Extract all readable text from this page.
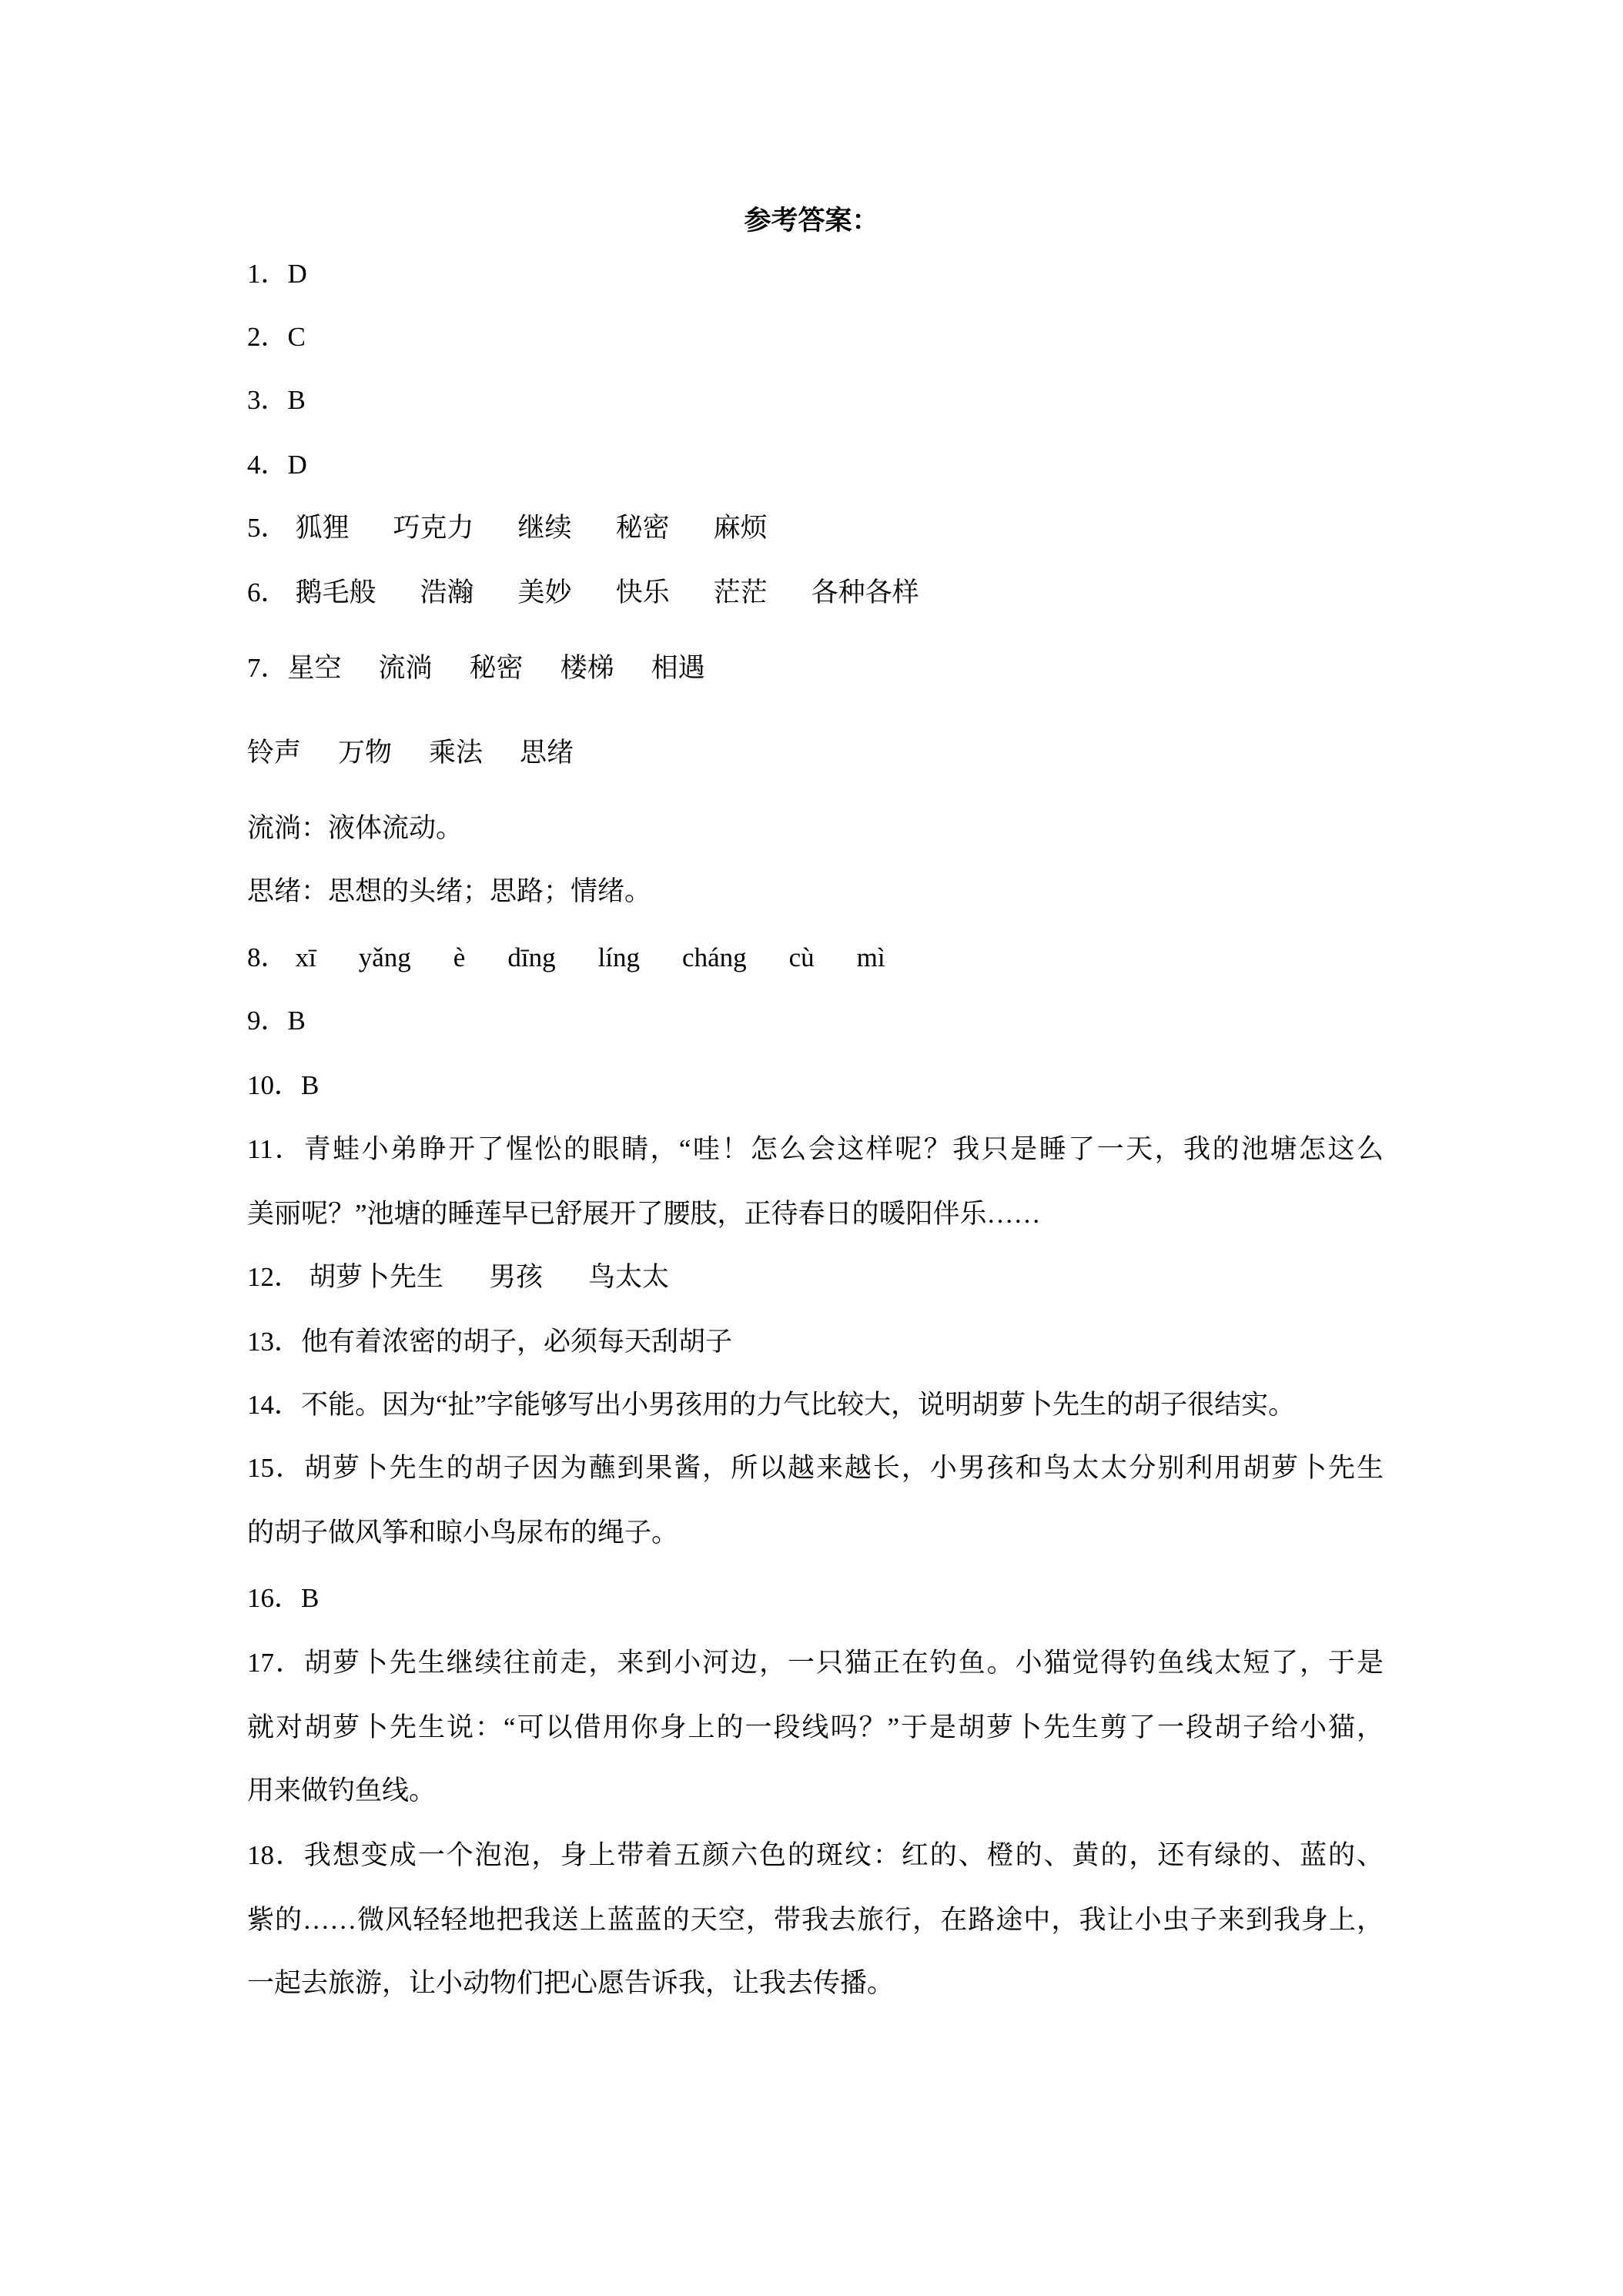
参考答案：
1．D
2．C
3．B
4．D
5． 狐狸 巧克力 继续 秘密 麻烦
6． 鹅毛般 浩瀚 美妙 快乐 茫茫 各种各样
7．星空 流淌 秘密 楼梯 相遇
铃声 万物 乘法 思绪
流淌：液体流动。
思绪：思想的头绪；思路；情绪。
8． xī yǎng è dīng líng cháng cù mì
9．B
10．B
11．青蛙小弟睁开了惺忪的眼睛，“哇！怎么会这样呢？我只是睡了一天，我的池塘怎这么
美丽呢？”池塘的睡莲早已舒展开了腰肢，正待春日的暖阳伴乐……
12． 胡萝卜先生 男孩 鸟太太
13．他有着浓密的胡子，必须每天刮胡子
14．不能。因为“扯”字能够写出小男孩用的力气比较大，说明胡萝卜先生的胡子很结实。
15．胡萝卜先生的胡子因为蘸到果酱，所以越来越长，小男孩和鸟太太分别利用胡萝卜先生
的胡子做风筝和晾小鸟尿布的绳子。
16．B
17．胡萝卜先生继续往前走，来到小河边，一只猫正在钓鱼。小猫觉得钓鱼线太短了，于是
就对胡萝卜先生说：“可以借用你身上的一段线吗？”于是胡萝卜先生剪了一段胡子给小猫，
用来做钓鱼线。
18．我想变成一个泡泡，身上带着五颜六色的斑纹：红的、橙的、黄的，还有绿的、蓝的、
紫的……微风轻轻地把我送上蓝蓝的天空，带我去旅行，在路途中，我让小虫子来到我身上，
一起去旅游，让小动物们把心愿告诉我，让我去传播。
